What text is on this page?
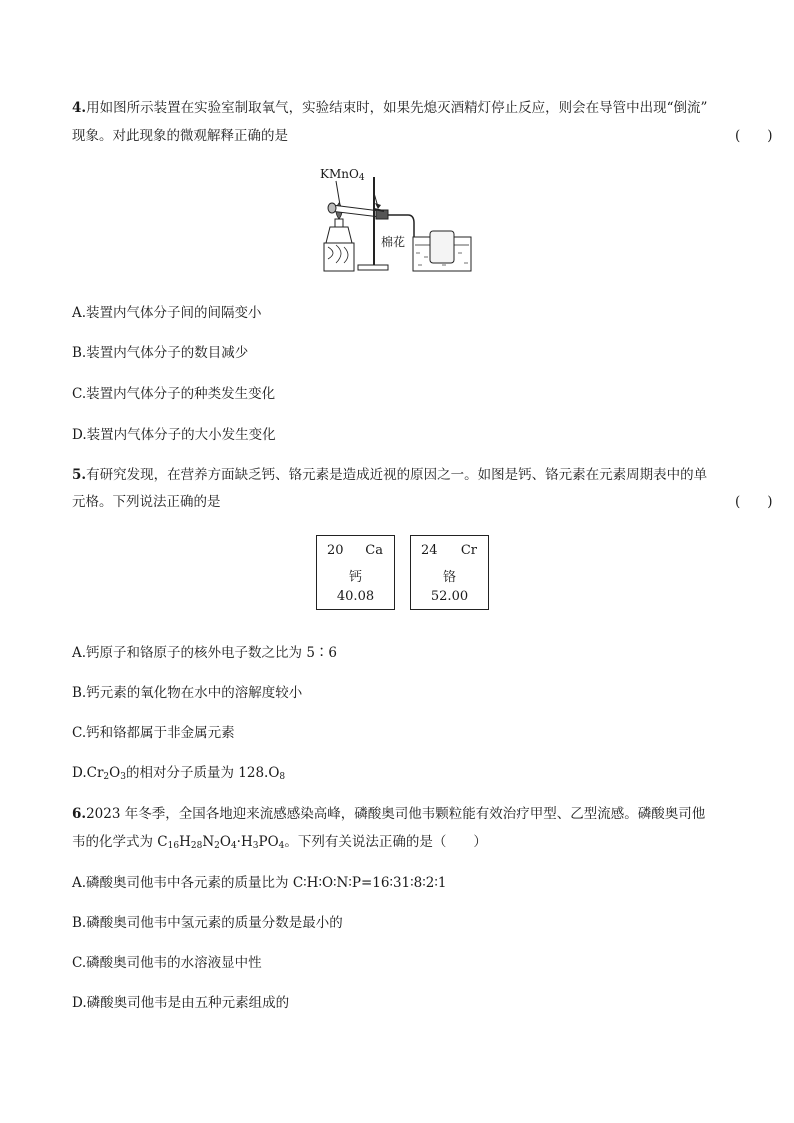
4.用如图所示装置在实验室制取氧气，实验结束时，如果先熄灭酒精灯停止反应，则会在导管中出现“倒流”
现象。对此现象的微观解释正确的是	(　　)
KMnO$_4$
棉花
A.装置内气体分子间的间隔变小
B.装置内气体分子的数目减少
C.装置内气体分子的种类发生变化
D.装置内气体分子的大小发生变化
5.有研究发现，在营养方面缺乏钙、铬元素是造成近视的原因之一。如图是钙、铬元素在元素周期表中的单
元格。下列说法正确的是	(　　)
20 Ca
钙
40.08
24 Cr
铬
52.00
A.钙原子和铬原子的核外电子数之比为 5∶6
B.钙元素的氧化物在水中的溶解度较小
C.钙和铬都属于非金属元素
$D.Cr_2O_3$的相对分子质量为 $128.O_8$
6.2023 年冬季，全国各地迎来流感感染高峰，磷酸奥司他韦颗粒能有效治疗甲型、乙型流感。磷酸奥司他
韦的化学式为 $C_{16}H_{28}N_2O_4\cdot H_3PO_4$。下列有关说法正确的是（　　）
A.磷酸奥司他韦中各元素的质量比为 C∶H∶O∶N∶P=16∶31∶8∶2∶1
B.磷酸奥司他韦中氢元素的质量分数是最小的
C.磷酸奥司他韦的水溶液显中性
D.磷酸奥司他韦是由五种元素组成的
